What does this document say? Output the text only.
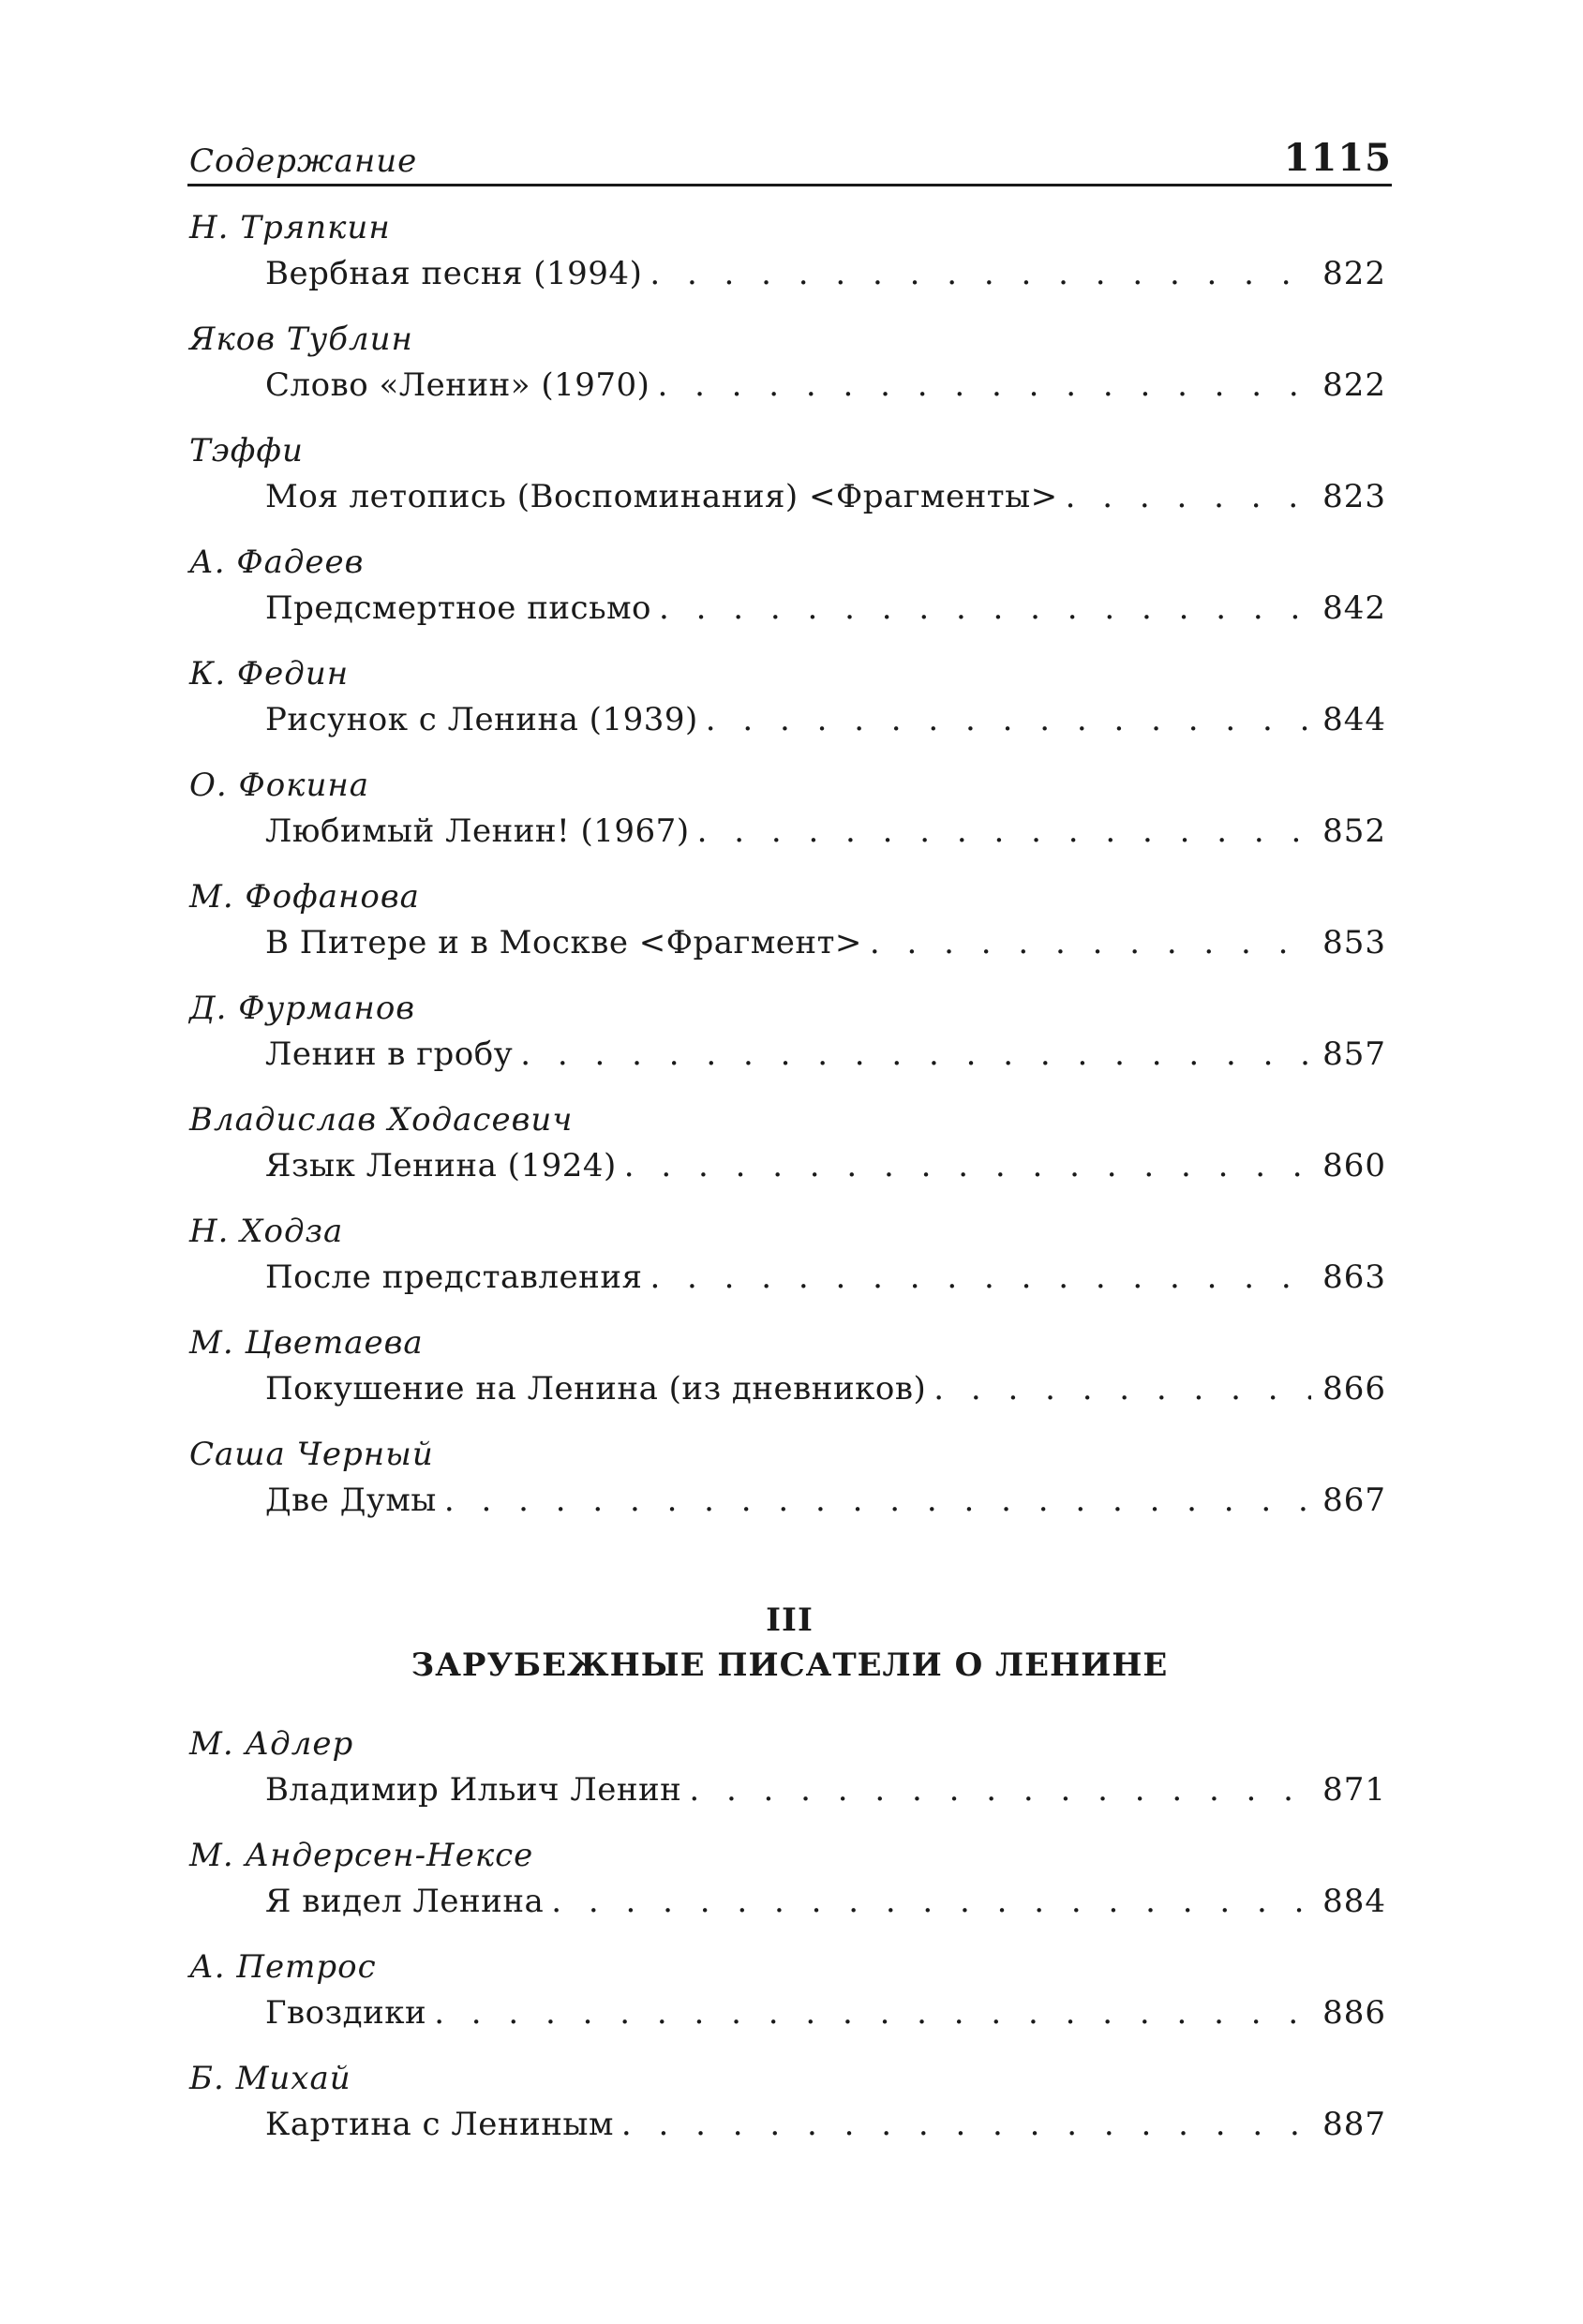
Содержание	1115
Н. Тряпкин
Вербная песня (1994) . . .	822
Яков Тублин
Слово «Ленин» (1970) . . .	822
Тэффи
Моя летопись (Воспоминания) <Фрагменты> . . .	823
А. Фадеев
Предсмертное письмо . . .	842
К. Федин
Рисунок с Ленина (1939) . . .	844
О. Фокина
Любимый Ленин! (1967) . . .	852
М. Фофанова
В Питере и в Москве <Фрагмент> . . .	853
Д. Фурманов
Ленин в гробу . . .	857
Владислав Ходасевич
Язык Ленина (1924) . . .	860
Н. Ходза
После представления . . .	863
М. Цветаева
Покушение на Ленина (из дневников) . . .	866
Саша Черный
Две Думы . . .	867
III
ЗАРУБЕЖНЫЕ ПИСАТЕЛИ О ЛЕНИНЕ
М. Адлер
Владимир Ильич Ленин . . .	871
М. Андерсен-Нексе
Я видел Ленина . . .	884
А. Петрос
Гвоздики . . .	886
Б. Михай
Картина с Лениным . . .	887
